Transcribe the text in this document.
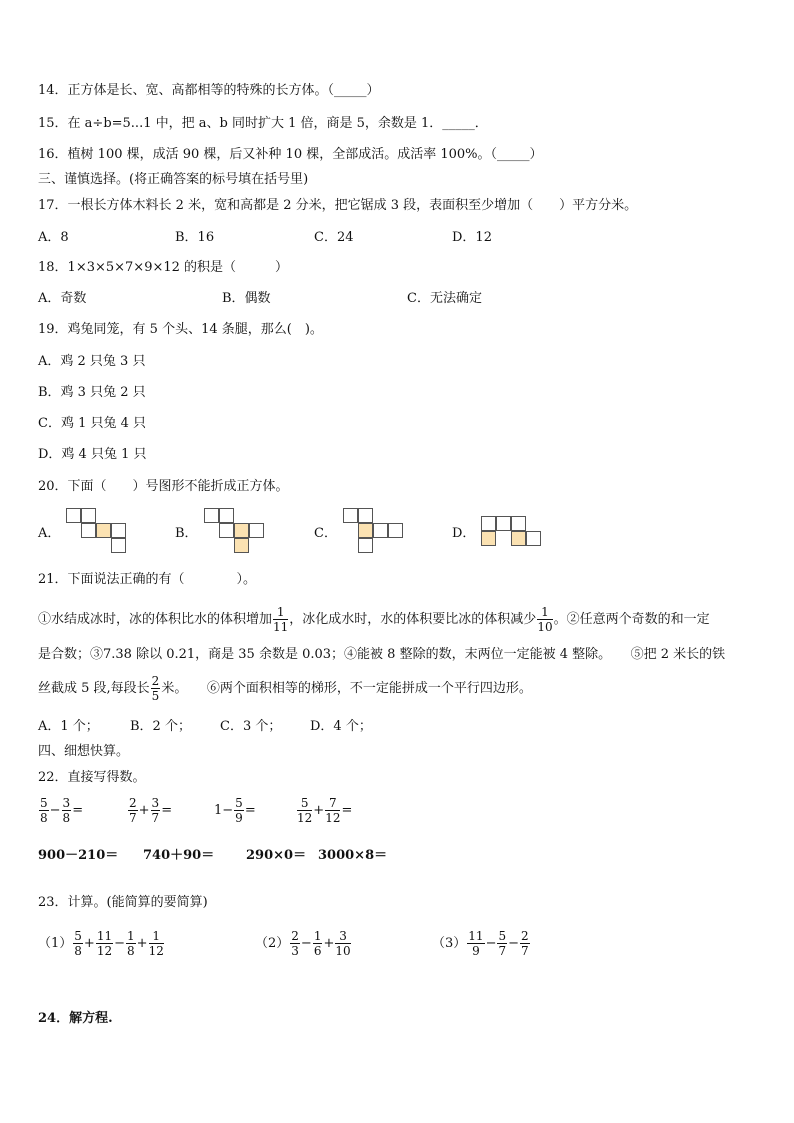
14．正方体是长、宽、高都相等的特殊的长方体。（_____）
15．在 a÷b=5...1 中，把 a、b 同时扩大 1 倍，商是 5，余数是 1．_____．
16．植树 100 棵，成活 90 棵，后又补种 10 棵，全部成活。成活率 100%。（_____）
三、谨慎选择。(将正确答案的标号填在括号里)
17．一根长方体木料长 2 米，宽和高都是 2 分米，把它锯成 3 段，表面积至少增加（　　）平方分米。
A．8	B．16	C．24	D．12
18．1×3×5×7×9×12 的积是（　　　）
A．奇数	B．偶数	C．无法确定
19．鸡兔同笼，有 5 个头、14 条腿，那么(　)。
A．鸡 2 只兔 3 只
B．鸡 3 只兔 2 只
C．鸡 1 只兔 4 只
D．鸡 4 只兔 1 只
20．下面（　　）号图形不能折成正方体。
A．	B．	C．	D．
21．下面说法正确的有（　　　　）。
①水结成冰时，冰的体积比水的体积增加 $\frac{1}{11}$ ，冰化成水时，水的体积要比冰的体积减少 $\frac{1}{10}$ 。②任意两个奇数的和一定
是合数；③7.38 除以 0.21，商是 35 余数是 0.03；④能被 8 整除的数，末两位一定能被 4 整除。　　⑤把 2 米长的铁
丝截成 5 段,每段长 $\frac{2}{5}$ 米。　　⑥两个面积相等的梯形，不一定能拼成一个平行四边形。
A．1 个； B．2 个； C．3 个； D．4 个；
四、细想快算。
22．直接写得数。
$\frac{5}{8} - \frac{3}{8}$ =	$\frac{2}{7} + \frac{3}{7}$ =	$1- \frac{5}{9}$ =	$\frac{5}{12} + \frac{7}{12}$ =
900－210＝ 740＋90＝ 290×0＝ 3000×8＝
23．计算。(能简算的要简算)
$(1) \frac{5}{8} + \frac{11}{12} - \frac{1}{8} + \frac{1}{12}$	$(2) \frac{2}{3} - \frac{1}{6} + \frac{3}{10}$	$(3) \frac{11}{9} - \frac{5}{7} - \frac{2}{7}$
24．解方程.
